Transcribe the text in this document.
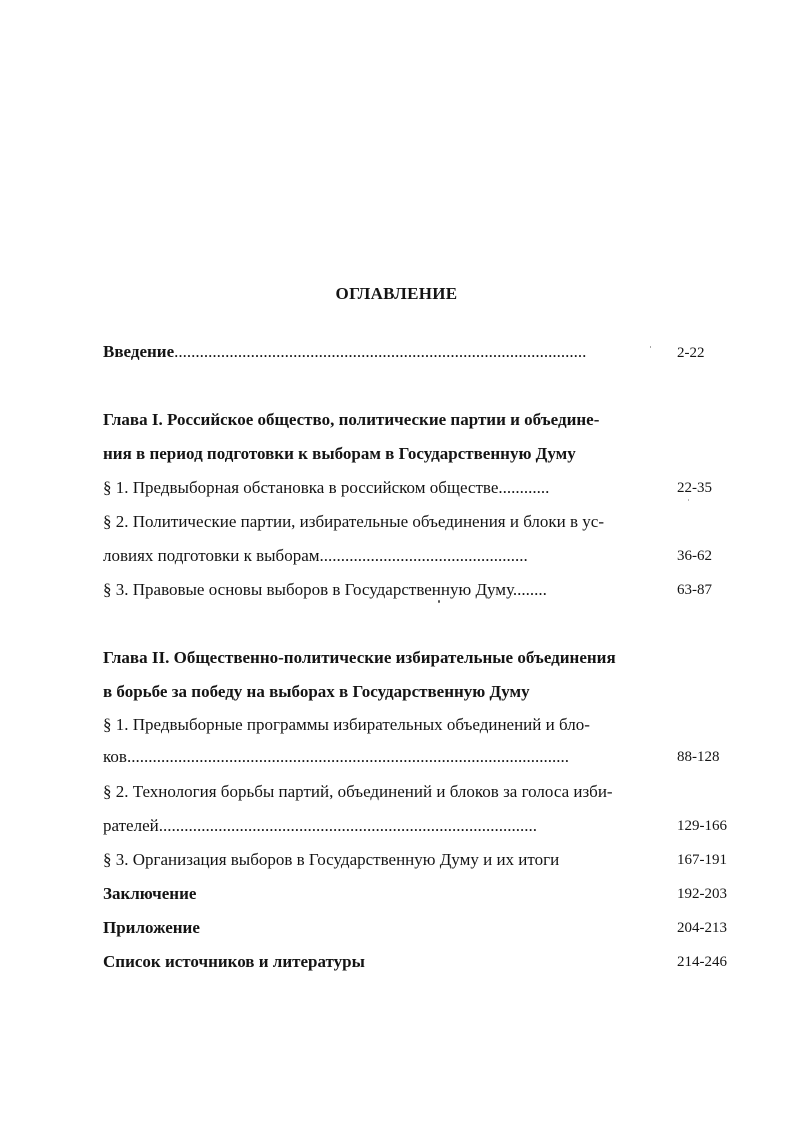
ОГЛАВЛЕНИЕ
Введение.................................................................................................	2-22
Глава I. Российское общество, политические партии и объедине-
ния в период подготовки к выборам в Государственную Думу
§ 1. Предвыборная обстановка в российском обществе............	22-35
§ 2. Политические партии, избирательные объединения и блоки в ус-
ловиях подготовки к выборам.................................................	36-62
§ 3. Правовые основы выборов в Государственную Думу........	63-87
Глава II. Общественно-политические избирательные объединения
в борьбе за победу на выборах в Государственную Думу
§ 1. Предвыборные программы избирательных объединений и бло-
ков........................................................................................................	88-128
§ 2. Технология борьбы партий, объединений и блоков за голоса изби-
рателей.........................................................................................	129-166
§ 3. Организация выборов в Государственную Думу и их итоги	167-191
Заключение	192-203
Приложение	204-213
Список источников и литературы	214-246
